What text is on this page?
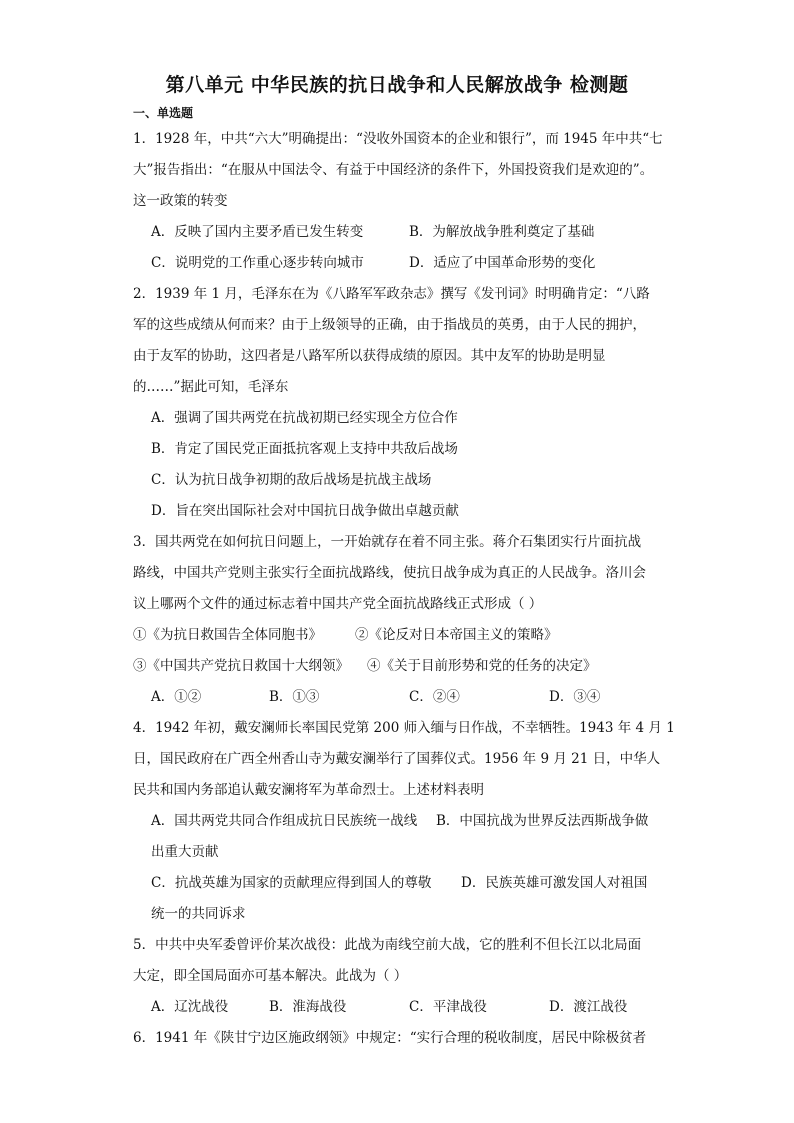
第八单元 中华民族的抗日战争和人民解放战争 检测题
一、单选题
1．1928 年，中共“六大”明确提出：“没收外国资本的企业和银行”，而 1945 年中共“七
大”报告指出：“在服从中国法令、有益于中国经济的条件下，外国投资我们是欢迎的”。
这一政策的转变
A．反映了国内主要矛盾已发生转变	B．为解放战争胜利奠定了基础
C．说明党的工作重心逐步转向城市	D．适应了中国革命形势的变化
2．1939 年 1 月，毛泽东在为《八路军军政杂志》撰写《发刊词》时明确肯定：“八路
军的这些成绩从何而来？由于上级领导的正确，由于指战员的英勇，由于人民的拥护，
由于友军的协助，这四者是八路军所以获得成绩的原因。其中友军的协助是明显
的……”据此可知，毛泽东
A．强调了国共两党在抗战初期已经实现全方位合作
B．肯定了国民党正面抵抗客观上支持中共敌后战场
C．认为抗日战争初期的敌后战场是抗战主战场
D．旨在突出国际社会对中国抗日战争做出卓越贡献
3．国共两党在如何抗日问题上，一开始就存在着不同主张。蒋介石集团实行片面抗战
路线，中国共产党则主张实行全面抗战路线，使抗日战争成为真正的人民战争。洛川会
议上哪两个文件的通过标志着中国共产党全面抗战路线正式形成（ ）
①《为抗日救国告全体同胞书》 ②《论反对日本帝国主义的策略》
③《中国共产党抗日救国十大纲领》 ④《关于目前形势和党的任务的决定》
A．①②	B．①③	C．②④	D．③④
4．1942 年初，戴安澜师长率国民党第 200 师入缅与日作战，不幸牺牲。1943 年 4 月 1
日，国民政府在广西全州香山寺为戴安澜举行了国葬仪式。1956 年 9 月 21 日，中华人
民共和国内务部追认戴安澜将军为革命烈士。上述材料表明
A．国共两党共同合作组成抗日民族统一战线 B．中国抗战为世界反法西斯战争做
出重大贡献
C．抗战英雄为国家的贡献理应得到国人的尊敬 D．民族英雄可激发国人对祖国
统一的共同诉求
5．中共中央军委曾评价某次战役：此战为南线空前大战，它的胜利不但长江以北局面
大定，即全国局面亦可基本解决。此战为（ ）
A．辽沈战役	B．淮海战役	C．平津战役	D．渡江战役
6．1941 年《陕甘宁边区施政纲领》中规定：“实行合理的税收制度，居民中除极贫者
